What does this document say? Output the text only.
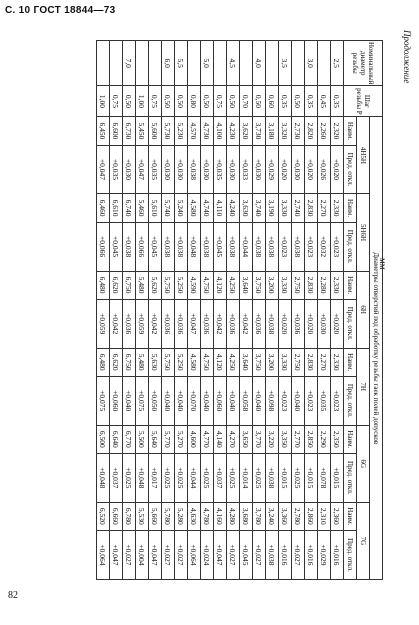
С. 10 ГОСТ 18844—73
82
Продолжение
мм
Номинальный диаметр резьбы	Шаг резьбы P	Диаметры отверстий под обработку резьбы гаек полей допусков											
		4H5H		5H6H		6H		7H		6G		7G	
		Наим.	Пред. откл.	Наим.	Пред. откл.	Наим.	Пред. откл.	Наим.	Пред. откл.	Наим.	Пред. откл.	Наим.	Пред. откл.
2,5	0,35	2,320	+0,020	2,330	+0,023	2,330	+0,020	2,330	+0,023	2,350	+0,015	2,360	+0,016
	0,45	2,260	+0,026	2,270	+0,032	2,280	+0,030	2,270	+0,035	2,290	+0,078	2,310	+0,029
3,0	0,35	2,820	+0,020	2,830	+0,023	2,830	+0,020	2,830	+0,023	2,850	+0,015	2,860	+0,016
	0,50	2,730	+0,030	2,740	+0,038	2,750	+0,036	2,750	+0,040	2,770	+0,025	2,780	+0,027
3,5	0,35	3,320	+0,020	3,330	+0,023	3,330	+0,020	3,330	+0,023	3,350	+0,015	3,360	+0,016
	0,60	3,180	+0,029	3,190	+0,038	3,200	+0,038	3,200	+0,098	3,220	+0,038	3,240	+0,038
4,0	0,50	3,730	+0,030	3,740	+0,038	3,750	+0,036	3,750	+0,040	3,770	+0,025	3,780	+0,027
	0,70	3,620	+0,033	3,630	+0,044	3,640	+0,042	3,640	+0,058	3,650	+0,014	3,680	+0,045
4,5	0,50	4,230	+0,030	4,240	+0,038	4,250	+0,036	4,250	+0,040	4,270	+0,025	4,280	+0,027
	0,75	4,100	+0,035	4,110	+0,045	4,120	+0,042	4,120	+0,060	4,140	+0,037	4,160	+0,047
5,0	0,50	4,730	+0,030	4,740	+0,038	4,750	+0,036	4,750	+0,040	4,770	+0,025	4,780	+0,024
	0,80	4,570	+0,038	4,580	+0,048	4,590	+0,047	4,580	+0,070	4,600	+0,044	4,630	+0,064
5,5	0,50	5,230	+0,030	5,240	+0,038	5,250	+0,036	5,250	+0,040	5,270	+0,025	5,280	+0,027
6,0	0,50	5,730	+0,030	5,740	+0,038	5,750	+0,036	5,750	+0,040	5,770	+0,025	5,780	+0,027
	0,75	5,600	+0,035	5,610	+0,045	5,620	+0,042	5,630	+0,050	5,640	+0,017	5,660	+0,047
	1,00	5,450	+0,047	5,460	+0,066	5,480	+0,059	5,480	+0,075	5,500	+0,048	5,530	+0,004
7,0	0,50	6,730	+0,030	6,740	+0,038	6,750	+0,036	6,750	+0,040	6,770	+0,025	6,780	+0,027
	0,75	6,600	+0,035	6,610	+0,045	6,620	+0,042	6,620	+0,060	6,640	+0,037	6,660	+0,047
	1,00	6,450	+0,047	6,460	+0,066	6,480	+0,059	6,480	+0,075	6,500	+0,048	6,520	+0,064
